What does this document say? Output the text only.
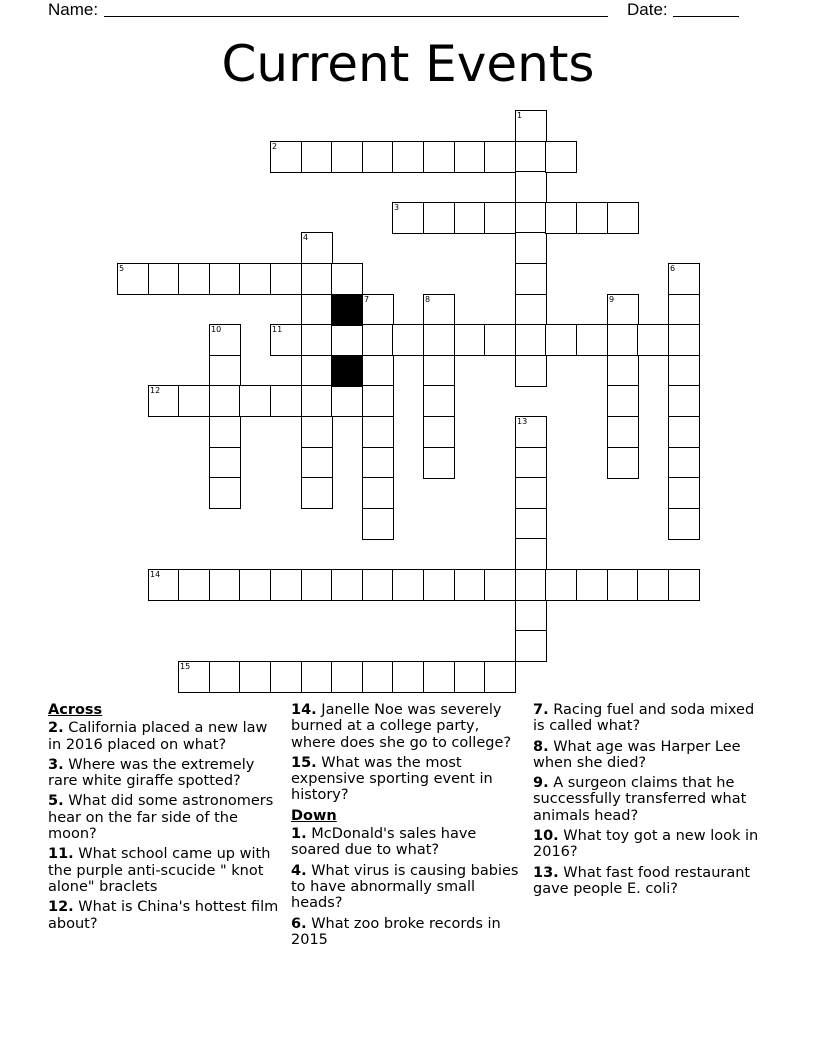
Name:	Date:
Current Events
1
2
3
4
5	6
7	8	9
10	11
12
13
14
15
Across
2. California placed a new law in 2016 placed on what?
3. Where was the extremely rare white giraffe spotted?
5. What did some astronomers hear on the far side of the moon?
11. What school came up with the purple anti-scucide " knot alone" braclets
12. What is China's hottest film about?
14. Janelle Noe was severely burned at a college party, where does she go to college?
15. What was the most expensive sporting event in history?
Down
1. McDonald's sales have soared due to what?
4. What virus is causing babies to have abnormally small heads?
6. What zoo broke records in 2015
7. Racing fuel and soda mixed is called what?
8. What age was Harper Lee when she died?
9. A surgeon claims that he successfully transferred what animals head?
10. What toy got a new look in 2016?
13. What fast food restaurant gave people E. coli?
